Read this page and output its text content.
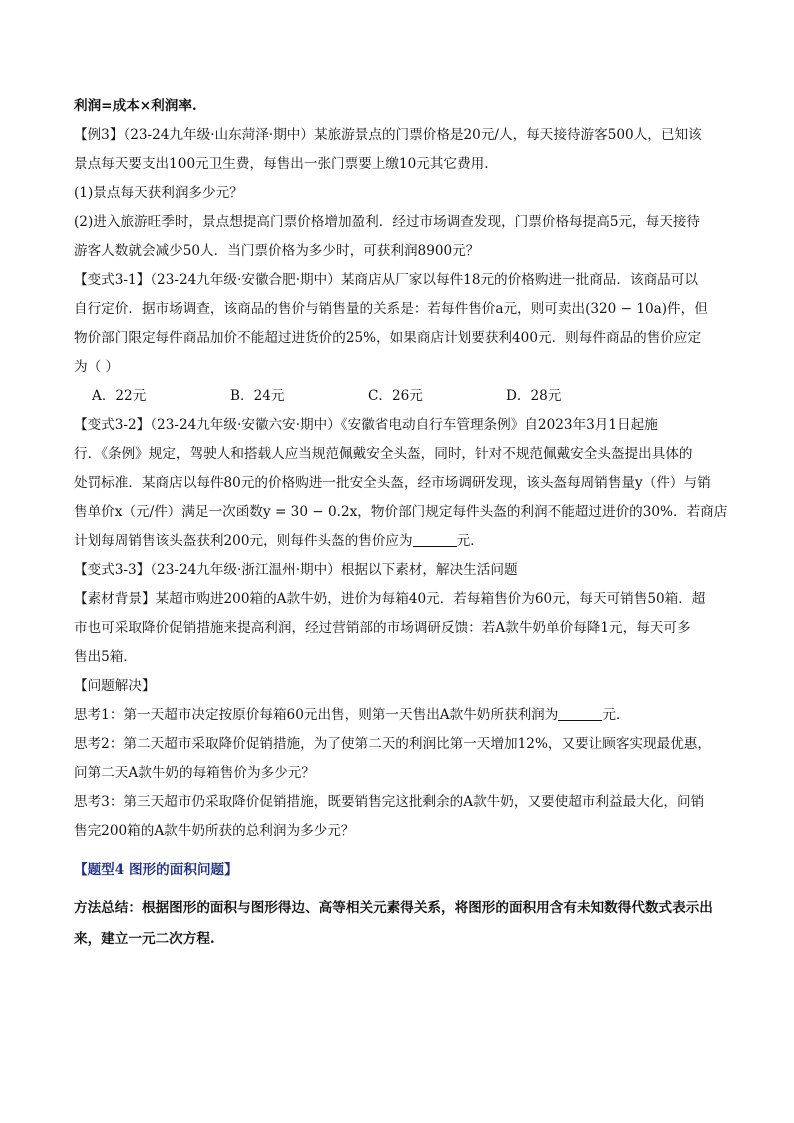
利润=成本×利润率.

【例3】（23-24九年级·山东菏泽·期中）某旅游景点的门票价格是20元/人，每天接待游客500人，已知该

景点每天要支出100元卫生费，每售出一张门票要上缴10元其它费用.

(1)景点每天获利润多少元？

(2)进入旅游旺季时，景点想提高门票价格增加盈利．经过市场调查发现，门票价格每提高5元，每天接待

游客人数就会减少50人．当门票价格为多少时，可获利润8900元？

【变式3-1】（23-24九年级·安徽合肥·期中）某商店从厂家以每件18元的价格购进一批商品．该商品可以

自行定价．据市场调查，该商品的售价与销售量的关系是：若每件售价a元，则可卖出(320 − 10a)件，但

物价部门限定每件商品加价不能超过进货价的25%，如果商店计划要获利400元．则每件商品的售价应定

为（ ）

A．22元	B．24元	C．26元	D．28元

【变式3-2】（23-24九年级·安徽六安·期中）《安徽省电动自行车管理条例》自2023年3月1日起施

行．《条例》规定，驾驶人和搭载人应当规范佩戴安全头盔，同时，针对不规范佩戴安全头盔提出具体的

处罚标准．某商店以每件80元的价格购进一批安全头盔，经市场调研发现，该头盔每周销售量y（件）与销

售单价x（元/件）满足一次函数y = 30 − 0.2x，物价部门规定每件头盔的利润不能超过进价的30%．若商店

计划每周销售该头盔获利200元，则每件头盔的售价应为	元．

【变式3-3】（23-24九年级·浙江温州·期中）根据以下素材，解决生活问题

【素材背景】某超市购进200箱的A款牛奶，进价为每箱40元．若每箱售价为60元，每天可销售50箱．超

市也可采取降价促销措施来提高利润，经过营销部的市场调研反馈：若A款牛奶单价每降1元，每天可多

售出5箱．

【问题解决】

思考1：第一天超市决定按原价每箱60元出售，则第一天售出A款牛奶所获利润为	元．

思考2：第二天超市采取降价促销措施，为了使第二天的利润比第一天增加12%，又要让顾客实现最优惠，

问第二天A款牛奶的每箱售价为多少元？

思考3：第三天超市仍采取降价促销措施，既要销售完这批剩余的A款牛奶，又要使超市利益最大化，问销

售完200箱的A款牛奶所获的总利润为多少元？

【题型4 图形的面积问题】

方法总结：根据图形的面积与图形得边、高等相关元素得关系，将图形的面积用含有未知数得代数式表示出来，建立一元二次方程.
